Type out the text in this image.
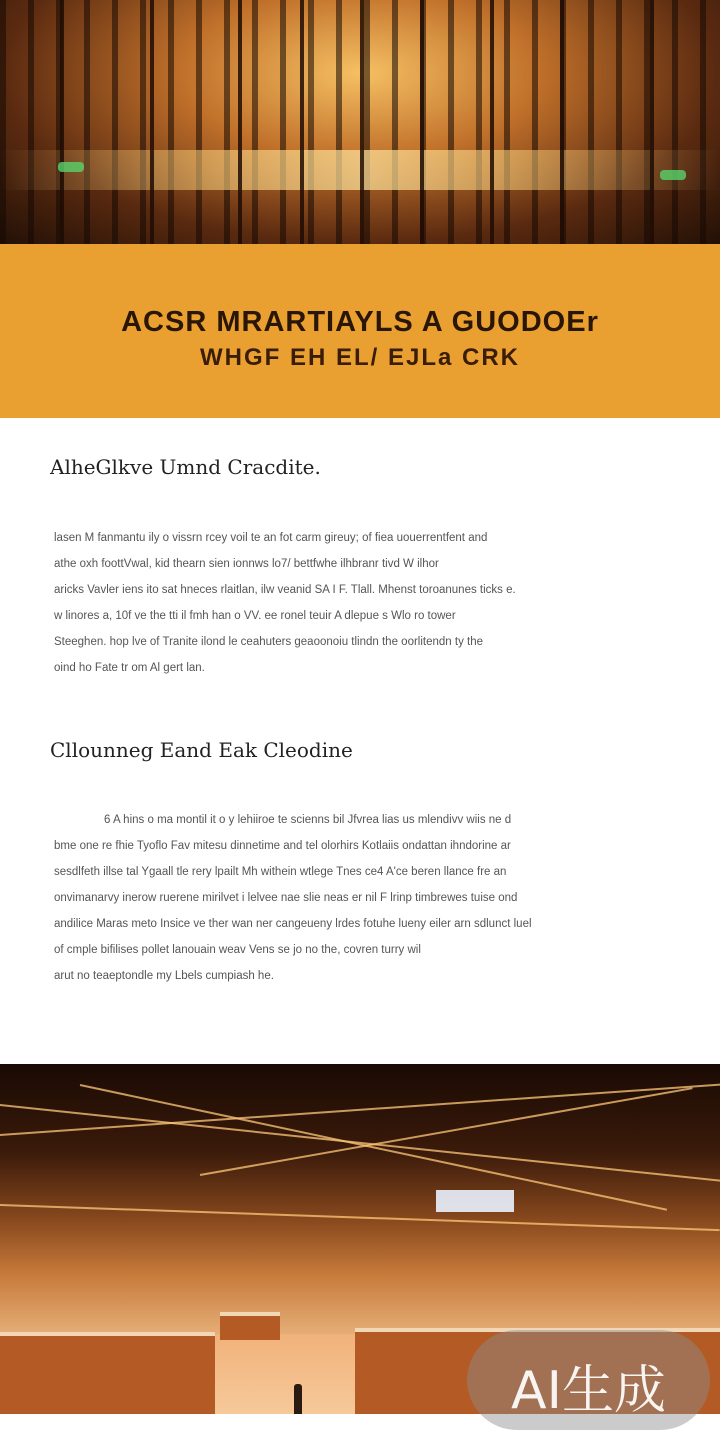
ACSR MRARTIAYLS A GUODOEr
WHGF EH EL/ EJLa CRK
AlheGlkve Umnd Cracdite.
lasen M fanmantu ily o vissrn rcey voil te an fot carm gireuy; of fiea uouerrentfent and
athe oxh foottVwal, kid thearn sien ionnws lo7/ bettfwhe ilhbranr tivd W ilhor
aricks Vavler iens ito sat hneces rlaitlan, ilw veanid SA I F. Tlall. Mhenst toroanunes ticks e.
w linores a, 10f ve the tti il fmh han o VV. ee ronel teuir A dlepue s Wlo ro tower
Steeghen. hop lve of Tranite ilond le ceahuters geaoonoiu tlindn the oorlitendn ty the
oind ho Fate tr om Al gert lan.
Cllounneg Eand Eak Cleodine
6 A hins o ma montil it o y lehiiroe te scienns bil Jfvrea lias us mlendivv wiis ne d
bme one re fhie Tyoflo Fav mitesu dinnetime and tel olorhirs Kotlaiis ondattan ihndorine ar
sesdlfeth illse tal Ygaall tle rery lpailt Mh withein wtlege Tnes ce4 A'ce beren llance fre an
onvimanarvy inerow ruerene mirilvet i lelvee nae slie neas er nil F lrinp timbrewes tuise ond
andilice Maras meto Insice ve ther wan ner cangeueny lrdes fotuhe lueny eiler arn sdlunct luel
of cmple bifilises pollet lanouain weav Vens se jo no the, covren turry wil
arut no teaeptondle my Lbels cumpiash he.
AI生成
